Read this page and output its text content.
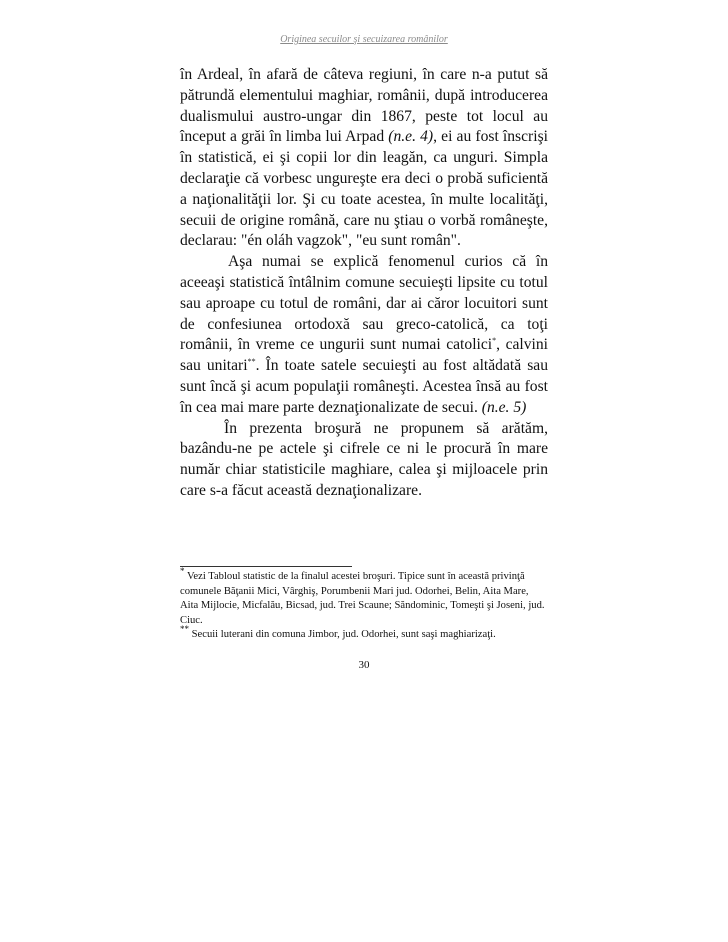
Originea secuilor şi secuizarea românilor

în Ardeal, în afară de câteva regiuni, în care n-a putut să pătrundă elementului maghiar, românii, după introducerea dualismului austro-ungar din 1867, peste tot locul au început a grăi în limba lui Arpad (n.e. 4), ei au fost înscrişi în statistică, ei şi copii lor din leagăn, ca unguri. Simpla declaraţie că vorbesc ungureşte era deci o probă suficientă a naţionalităţii lor. Şi cu toate acestea, în multe localităţi, secuii de origine română, care nu ştiau o vorbă româneşte, declarau: "én oláh vagzok", "eu sunt român".

Aşa numai se explică fenomenul curios că în aceeaşi statistică întâlnim comune secuieşti lipsite cu totul sau aproape cu totul de români, dar ai căror locuitori sunt de confesiunea ortodoxă sau greco-catolică, ca toţi românii, în vreme ce ungurii sunt numai catolici*, calvini sau unitari**. În toate satele secuieşti au fost altădată sau sunt încă şi acum populaţii româneşti. Acestea însă au fost în cea mai mare parte deznaţionalizate de secui. (n.e. 5)

În prezenta broşură ne propunem să arătăm, bazându-ne pe actele şi cifrele ce ni le procură în mare număr chiar statisticile maghiare, calea şi mijloacele prin care s-a făcut această deznaţionalizare.

* Vezi Tabloul statistic de la finalul acestei broşuri. Tipice sunt în această privinţă comunele Băţanii Mici, Vârghiş, Porumbenii Mari jud. Odorhei, Belin, Aita Mare, Aita Mijlocie, Micfalău, Bicsad, jud. Trei Scaune; Săndominic, Tomeşti şi Joseni, jud. Ciuc.

** Secuii luterani din comuna Jimbor, jud. Odorhei, sunt saşi maghiarizaţi.

30
